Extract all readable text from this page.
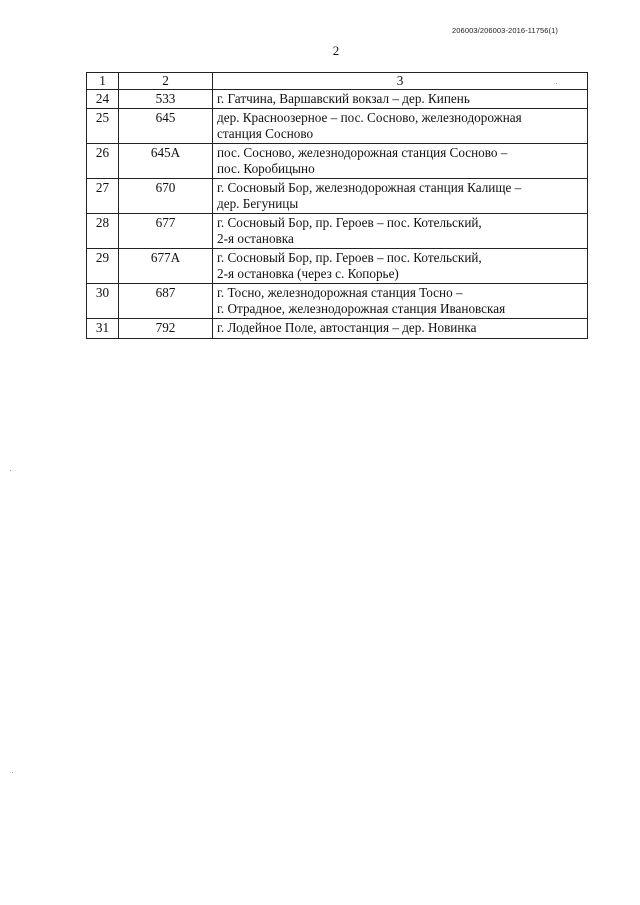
206003/206003-2016-11756(1)
2
1	2	3
24	533	г. Гатчина, Варшавский вокзал – дер. Кипень

25	645	дер. Красноозерное – пос. Сосново, железнодорожная
станция Сосново

26	645А	пос. Сосново, железнодорожная станция Сосново –
пос. Коробицыно

27	670	г. Сосновый Бор, железнодорожная станция Калище –
дер. Бегуницы

28	677	г. Сосновый Бор, пр. Героев – пос. Котельский,
2-я остановка

29	677А	г. Сосновый Бор, пр. Героев – пос. Котельский,
2-я остановка (через с. Копорье)

30	687	г. Тосно, железнодорожная станция Тосно –
г. Отрадное, железнодорожная станция Ивановская

31	792	г. Лодейное Поле, автостанция – дер. Новинка
